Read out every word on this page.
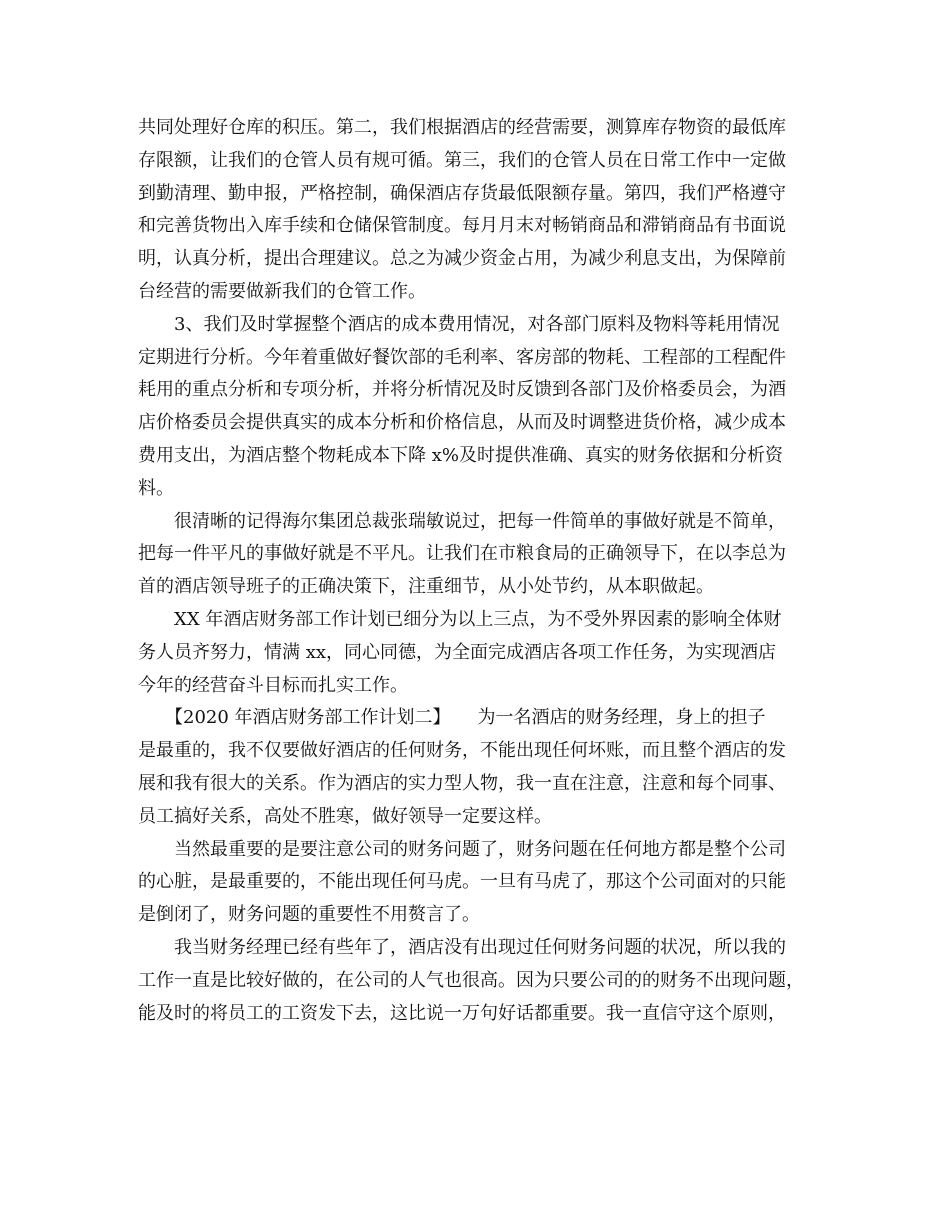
共同处理好仓库的积压。第二，我们根据酒店的经营需要，测算库存物资的最低库

存限额，让我们的仓管人员有规可循。第三，我们的仓管人员在日常工作中一定做

到勤清理、勤申报，严格控制，确保酒店存货最低限额存量。第四，我们严格遵守

和完善货物出入库手续和仓储保管制度。每月月末对畅销商品和滞销商品有书面说

明，认真分析，提出合理建议。总之为减少资金占用，为减少利息支出，为保障前

台经营的需要做新我们的仓管工作。

　　3、我们及时掌握整个酒店的成本费用情况，对各部门原料及物料等耗用情况

定期进行分析。今年着重做好餐饮部的毛利率、客房部的物耗、工程部的工程配件

耗用的重点分析和专项分析，并将分析情况及时反馈到各部门及价格委员会，为酒

店价格委员会提供真实的成本分析和价格信息，从而及时调整进货价格，减少成本

费用支出，为酒店整个物耗成本下降 x%及时提供准确、真实的财务依据和分析资

料。

　　很清晰的记得海尔集团总裁张瑞敏说过，把每一件简单的事做好就是不简单，

把每一件平凡的事做好就是不平凡。让我们在市粮食局的正确领导下，在以李总为

首的酒店领导班子的正确决策下，注重细节，从小处节约，从本职做起。

　　XX 年酒店财务部工作计划已细分为以上三点，为不受外界因素的影响全体财

务人员齐努力，情满 xx，同心同德，为全面完成酒店各项工作任务，为实现酒店

今年的经营奋斗目标而扎实工作。

　　【2020 年酒店财务部工作计划二】　　为一名酒店的财务经理，身上的担子

是最重的，我不仅要做好酒店的任何财务，不能出现任何坏账，而且整个酒店的发

展和我有很大的关系。作为酒店的实力型人物，我一直在注意，注意和每个同事、

员工搞好关系，高处不胜寒，做好领导一定要这样。

　　当然最重要的是要注意公司的财务问题了，财务问题在任何地方都是整个公司

的心脏，是最重要的，不能出现任何马虎。一旦有马虎了，那这个公司面对的只能

是倒闭了，财务问题的重要性不用赘言了。

　　我当财务经理已经有些年了，酒店没有出现过任何财务问题的状况，所以我的

工作一直是比较好做的，在公司的人气也很高。因为只要公司的的财务不出现问题，

能及时的将员工的工资发下去，这比说一万句好话都重要。我一直信守这个原则，
